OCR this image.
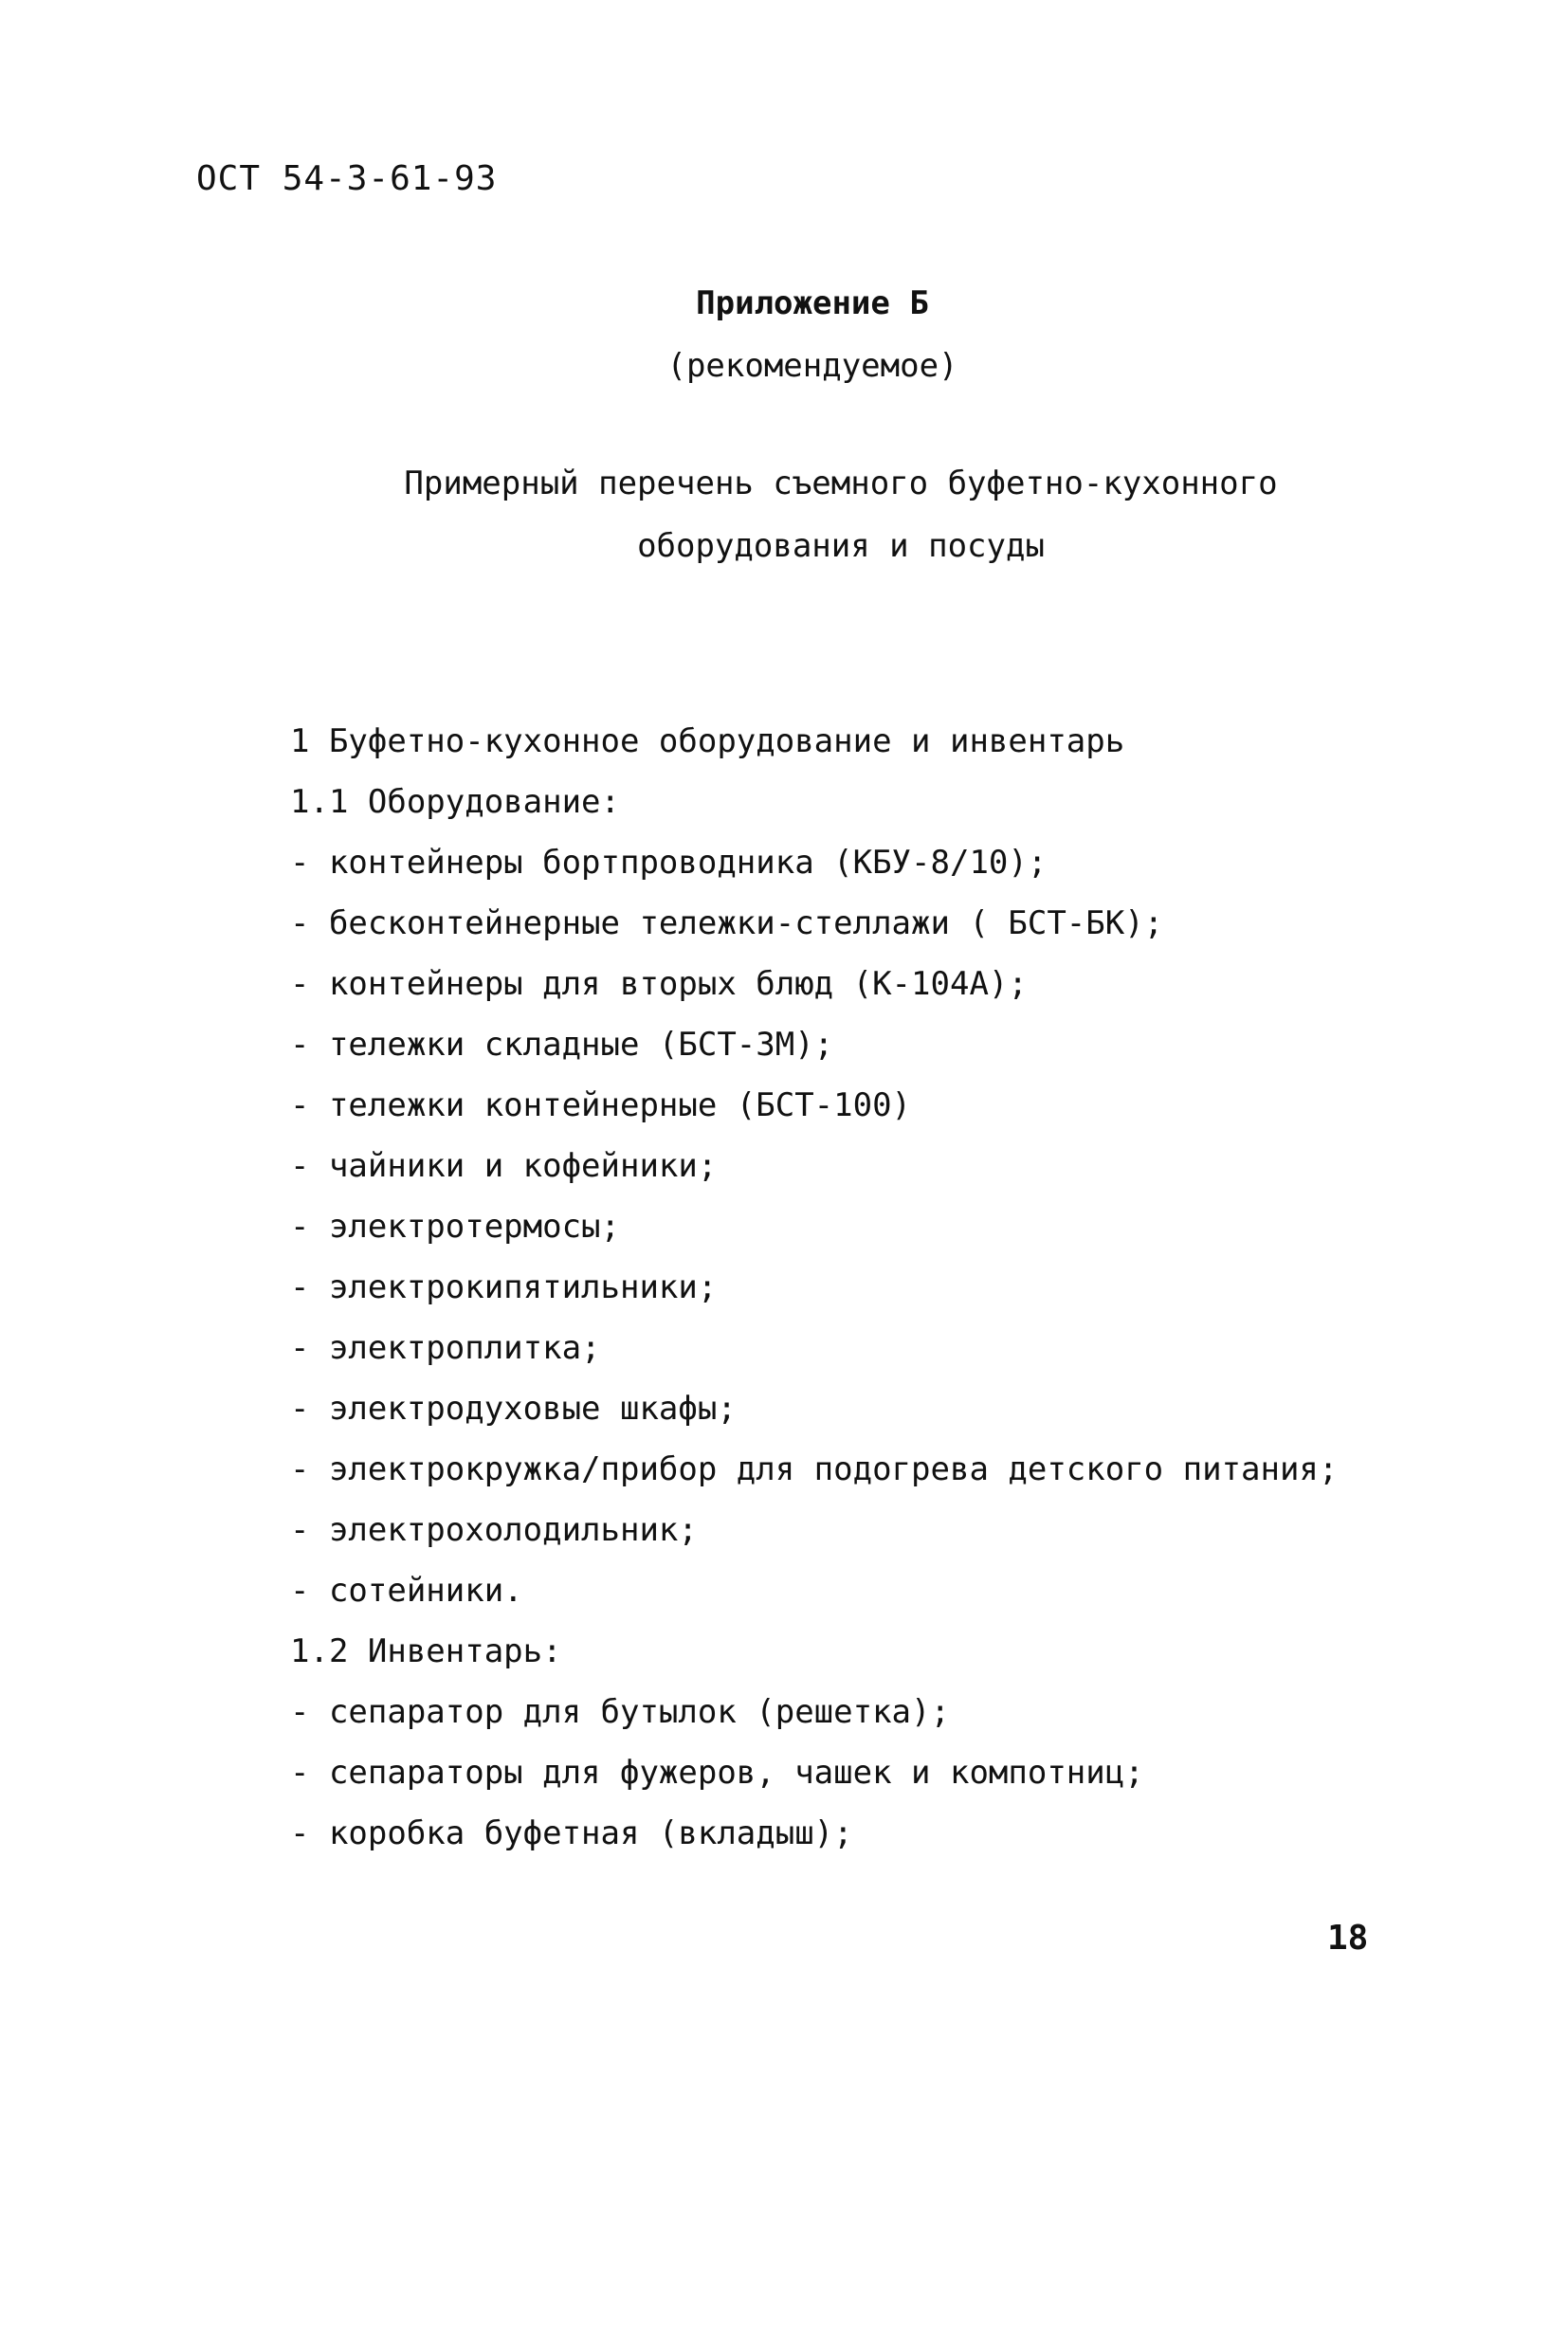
ОСТ 54-3-61-93
Приложение Б
(рекомендуемое)
Примерный перечень съемного буфетно-кухонного
оборудования и посуды
1 Буфетно-кухонное оборудование и инвентарь
1.1 Оборудование:
- контейнеры бортпроводника (КБУ-8/10);
- бесконтейнерные тележки-стеллажи ( БСТ-БК);
- контейнеры для вторых блюд (К-104А);
- тележки складные (БСТ-3М);
- тележки контейнерные (БСТ-100)
- чайники и кофейники;
- электротермосы;
- электрокипятильники;
- электроплитка;
- электродуховые шкафы;
- электрокружка/прибор для подогрева детского питания;
- электрохолодильник;
- сотейники.
1.2 Инвентарь:
- сепаратор для бутылок (решетка);
- сепараторы для фужеров, чашек и компотниц;
- коробка буфетная (вкладыш);
18
